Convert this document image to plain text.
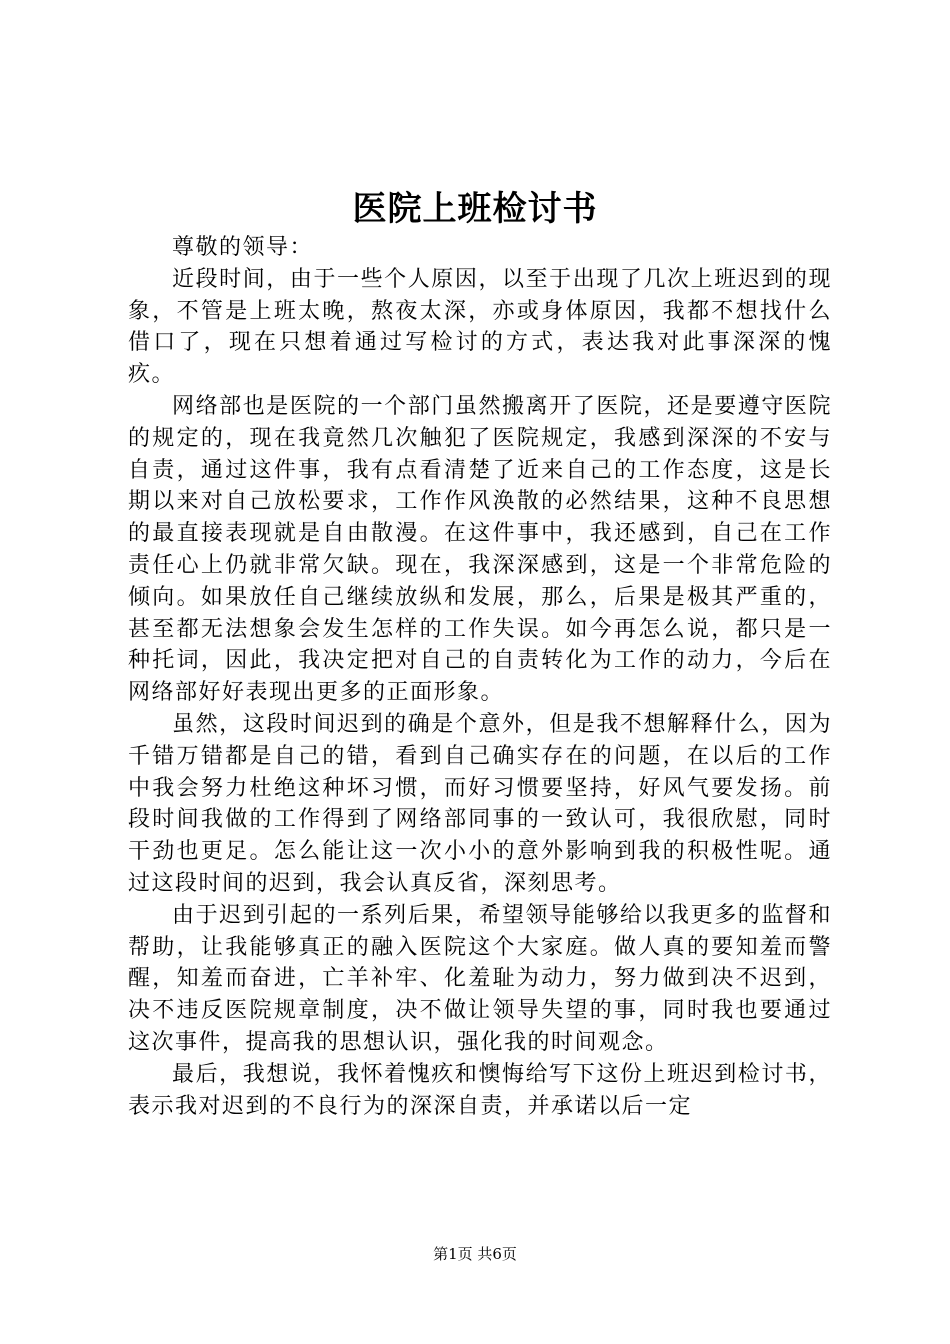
医院上班检讨书

尊敬的领导：

近段时间，由于一些个人原因，以至于出现了几次上班迟到的现象，不管是上班太晚，熬夜太深，亦或身体原因，我都不想找什么借口了，现在只想着通过写检讨的方式，表达我对此事深深的愧疚。

网络部也是医院的一个部门虽然搬离开了医院，还是要遵守医院的规定的，现在我竟然几次触犯了医院规定，我感到深深的不安与自责，通过这件事，我有点看清楚了近来自己的工作态度，这是长期以来对自己放松要求，工作作风涣散的必然结果，这种不良思想的最直接表现就是自由散漫。在这件事中，我还感到，自己在工作责任心上仍就非常欠缺。现在，我深深感到，这是一个非常危险的倾向。如果放任自己继续放纵和发展，那么，后果是极其严重的，甚至都无法想象会发生怎样的工作失误。如今再怎么说，都只是一种托词，因此，我决定把对自己的自责转化为工作的动力，今后在网络部好好表现出更多的正面形象。

虽然，这段时间迟到的确是个意外，但是我不想解释什么，因为千错万错都是自己的错，看到自己确实存在的问题，在以后的工作中我会努力杜绝这种坏习惯，而好习惯要坚持，好风气要发扬。前段时间我做的工作得到了网络部同事的一致认可，我很欣慰，同时干劲也更足。怎么能让这一次小小的意外影响到我的积极性呢。通过这段时间的迟到，我会认真反省，深刻思考。

由于迟到引起的一系列后果，希望领导能够给以我更多的监督和帮助，让我能够真正的融入医院这个大家庭。做人真的要知羞而警醒，知羞而奋进，亡羊补牢、化羞耻为动力，努力做到决不迟到，决不违反医院规章制度，决不做让领导失望的事，同时我也要通过这次事件，提高我的思想认识，强化我的时间观念。

最后，我想说，我怀着愧疚和懊悔给写下这份上班迟到检讨书，表示我对迟到的不良行为的深深自责，并承诺以后一定

第1页 共6页
